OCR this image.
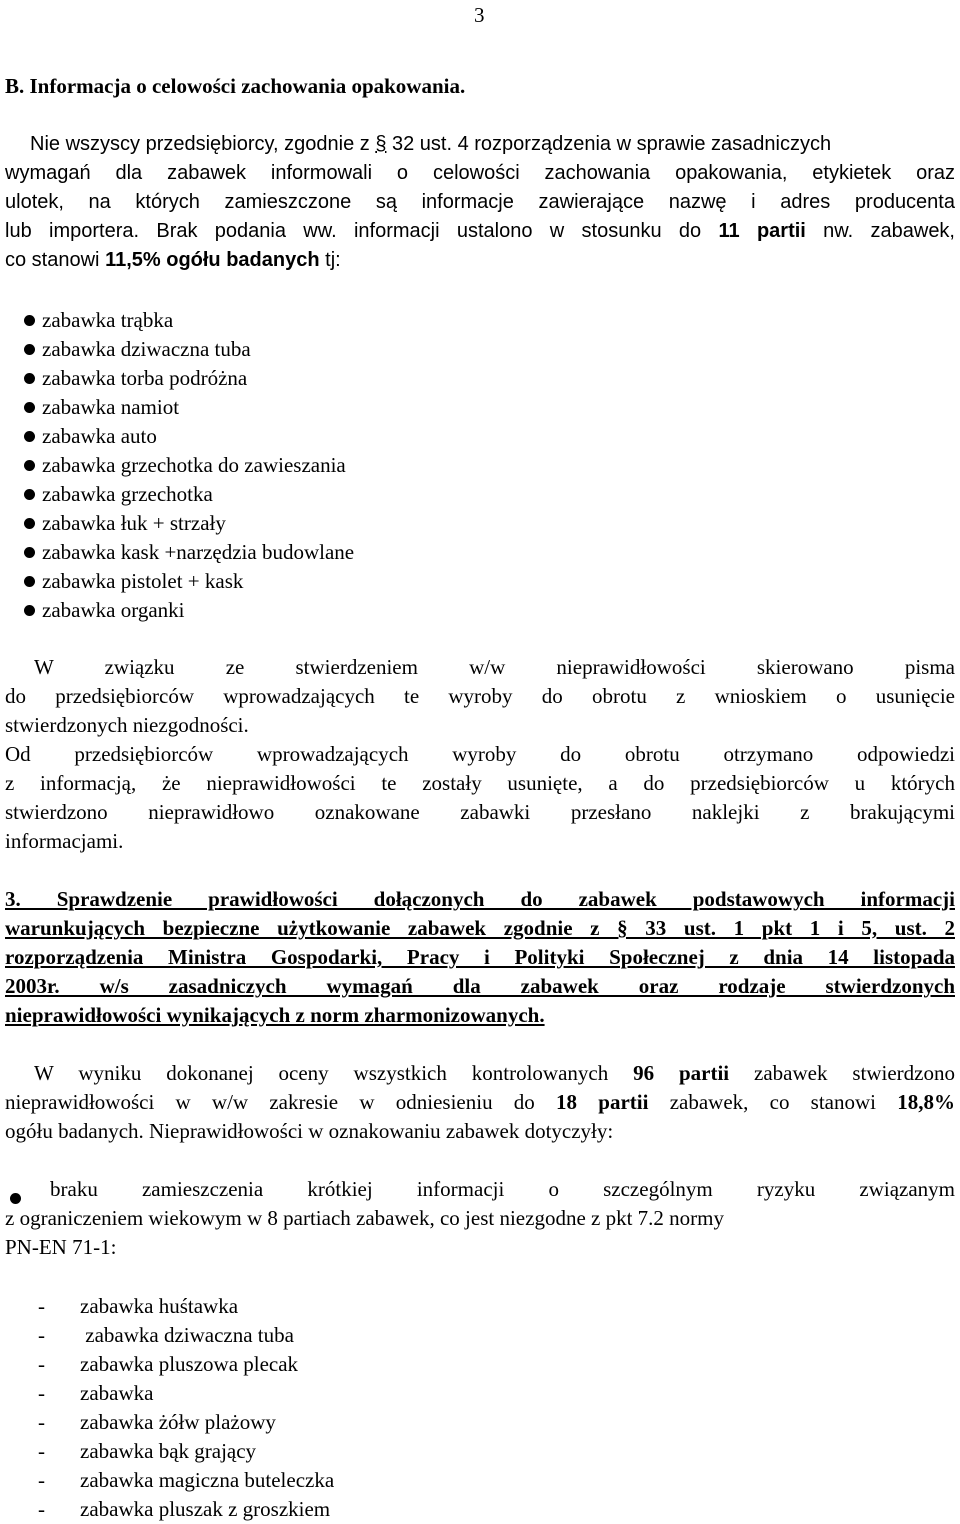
3
B. Informacja o celowości zachowania opakowania.
Nie wszyscy przedsiębiorcy, zgodnie z § 32 ust. 4 rozporządzenia w sprawie zasadniczych
wymagań dla zabawek informowali o celowości zachowania opakowania, etykietek oraz
ulotek, na których zamieszczone są informacje zawierające nazwę i adres producenta
lub importera. Brak podania ww. informacji ustalono w stosunku do 11 partii nw. zabawek,
co stanowi 11,5% ogółu badanych tj:
zabawka trąbka
zabawka dziwaczna tuba
zabawka torba podróżna
zabawka namiot
zabawka auto
zabawka grzechotka do zawieszania
zabawka grzechotka
zabawka łuk + strzały
zabawka kask +narzędzia budowlane
zabawka pistolet + kask
zabawka organki
W związku ze stwierdzeniem w/w nieprawidłowości skierowano pisma
do przedsiębiorców wprowadzających te wyroby do obrotu z wnioskiem o usunięcie
stwierdzonych niezgodności.
Od przedsiębiorców wprowadzających wyroby do obrotu otrzymano odpowiedzi
z informacją, że nieprawidłowości te zostały usunięte, a do przedsiębiorców u których
stwierdzono nieprawidłowo oznakowane zabawki przesłano naklejki z brakującymi
informacjami.
3. Sprawdzenie prawidłowości dołączonych do zabawek podstawowych informacji
warunkujących bezpieczne użytkowanie zabawek zgodnie z § 33 ust. 1 pkt 1 i 5, ust. 2
rozporządzenia Ministra Gospodarki, Pracy i Polityki Społecznej z dnia 14 listopada
2003r. w/s zasadniczych wymagań dla zabawek oraz rodzaje stwierdzonych
nieprawidłowości wynikających z norm zharmonizowanych.
W wyniku dokonanej oceny wszystkich kontrolowanych 96 partii zabawek stwierdzono
nieprawidłowości w w/w zakresie w odniesieniu do 18 partii zabawek, co stanowi 18,8%
ogółu badanych. Nieprawidłowości w oznakowaniu zabawek dotyczyły:
braku zamieszczenia krótkiej informacji o szczególnym ryzyku związanym
z ograniczeniem wiekowym w 8 partiach zabawek, co jest niezgodne z pkt 7.2 normy
PN-EN 71-1:
- zabawka huśtawka
- zabawka dziwaczna tuba
- zabawka pluszowa plecak
- zabawka
- zabawka żółw plażowy
- zabawka bąk grający
- zabawka magiczna buteleczka
- zabawka pluszak z groszkiem
